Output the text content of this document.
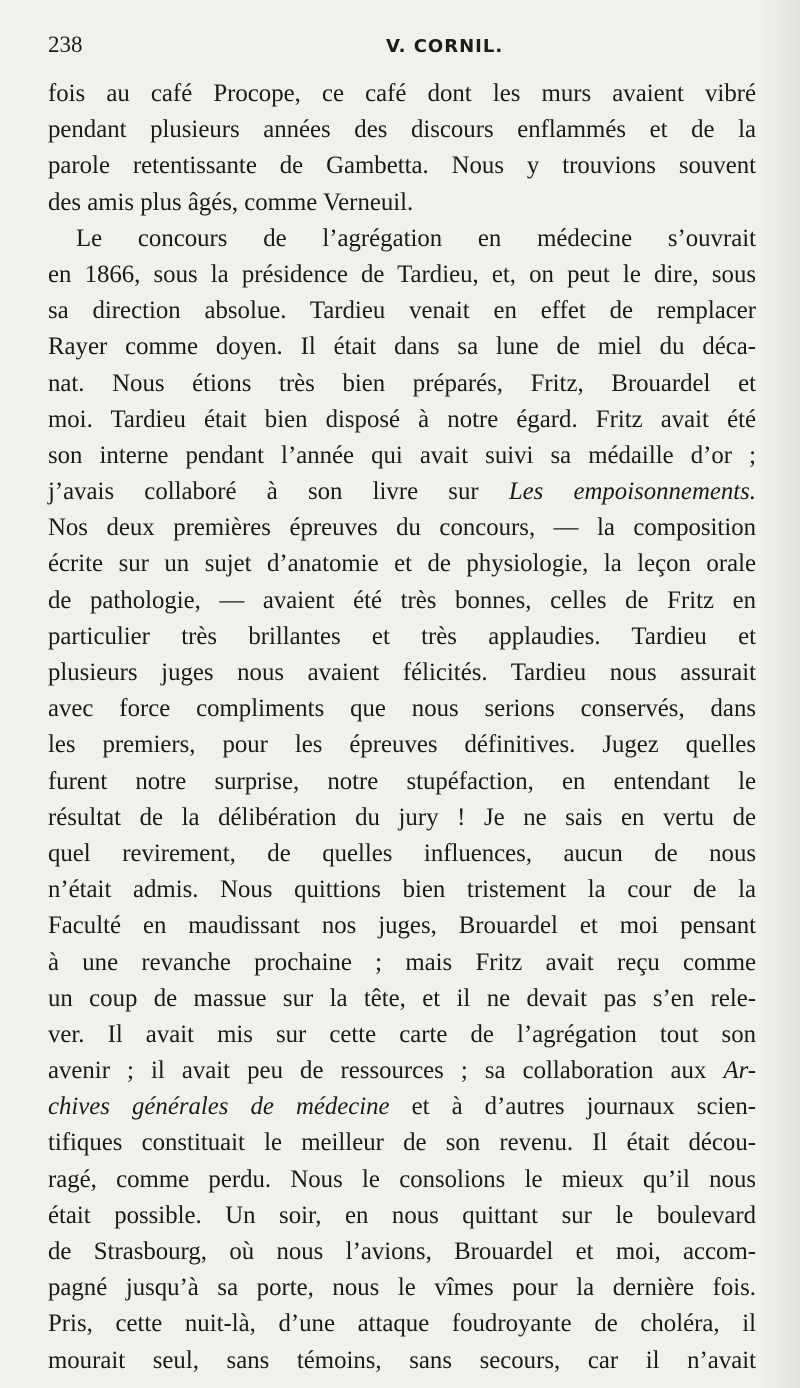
238	V. CORNIL.
fois au café Procope, ce café dont les murs avaient vibré
pendant plusieurs années des discours enflammés et de la
parole retentissante de Gambetta. Nous y trouvions souvent
des amis plus âgés, comme Verneuil.
Le concours de l’agrégation en médecine s’ouvrait
en 1866, sous la présidence de Tardieu, et, on peut le dire, sous
sa direction absolue. Tardieu venait en effet de remplacer
Rayer comme doyen. Il était dans sa lune de miel du déca-
nat. Nous étions très bien préparés, Fritz, Brouardel et
moi. Tardieu était bien disposé à notre égard. Fritz avait été
son interne pendant l’année qui avait suivi sa médaille d’or ;
j’avais collaboré à son livre sur Les empoisonnements.
Nos deux premières épreuves du concours, — la composition
écrite sur un sujet d’anatomie et de physiologie, la leçon orale
de pathologie, — avaient été très bonnes, celles de Fritz en
particulier très brillantes et très applaudies. Tardieu et
plusieurs juges nous avaient félicités. Tardieu nous assurait
avec force compliments que nous serions conservés, dans
les premiers, pour les épreuves définitives. Jugez quelles
furent notre surprise, notre stupéfaction, en entendant le
résultat de la délibération du jury ! Je ne sais en vertu de
quel revirement, de quelles influences, aucun de nous
n’était admis. Nous quittions bien tristement la cour de la
Faculté en maudissant nos juges, Brouardel et moi pensant
à une revanche prochaine ; mais Fritz avait reçu comme
un coup de massue sur la tête, et il ne devait pas s’en rele-
ver. Il avait mis sur cette carte de l’agrégation tout son
avenir ; il avait peu de ressources ; sa collaboration aux Ar-
chives générales de médecine et à d’autres journaux scien-
tifiques constituait le meilleur de son revenu. Il était décou-
ragé, comme perdu. Nous le consolions le mieux qu’il nous
était possible. Un soir, en nous quittant sur le boulevard
de Strasbourg, où nous l’avions, Brouardel et moi, accom-
pagné jusqu’à sa porte, nous le vîmes pour la dernière fois.
Pris, cette nuit-là, d’une attaque foudroyante de choléra, il
mourait seul, sans témoins, sans secours, car il n’avait
